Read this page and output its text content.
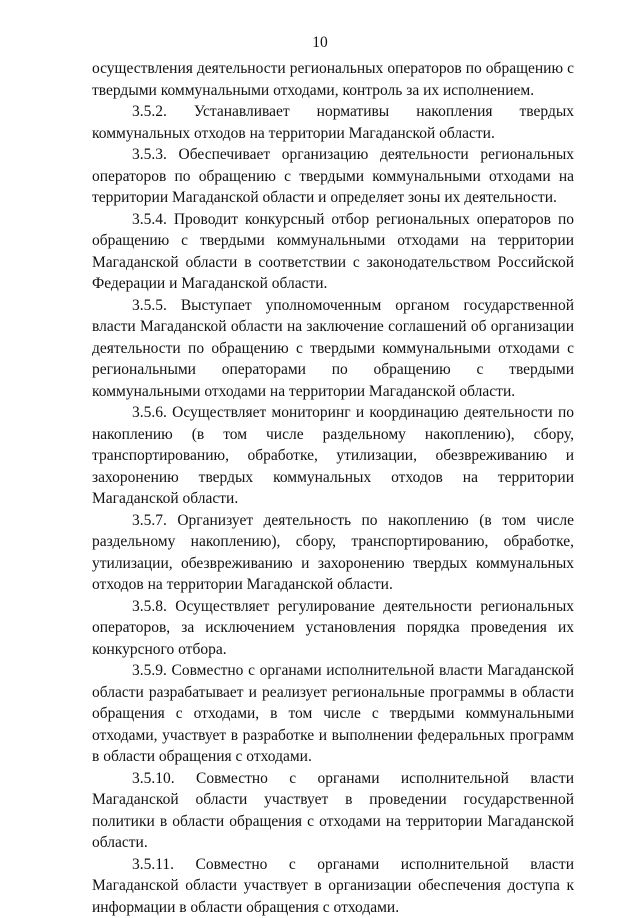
10

осуществления деятельности региональных операторов по обращению с твердыми коммунальными отходами, контроль за их исполнением.

3.5.2. Устанавливает нормативы накопления твердых коммунальных отходов на территории Магаданской области.

3.5.3. Обеспечивает организацию деятельности региональных операторов по обращению с твердыми коммунальными отходами на территории Магаданской области и определяет зоны их деятельности.

3.5.4. Проводит конкурсный отбор региональных операторов по обращению с твердыми коммунальными отходами на территории Магаданской области в соответствии с законодательством Российской Федерации и Магаданской области.

3.5.5. Выступает уполномоченным органом государственной власти Магаданской области на заключение соглашений об организации деятельности по обращению с твердыми коммунальными отходами с региональными операторами по обращению с твердыми коммунальными отходами на территории Магаданской области.

3.5.6. Осуществляет мониторинг и координацию деятельности по накоплению (в том числе раздельному накоплению), сбору, транспортированию, обработке, утилизации, обезвреживанию и захоронению твердых коммунальных отходов на территории Магаданской области.

3.5.7. Организует деятельность по накоплению (в том числе раздельному накоплению), сбору, транспортированию, обработке, утилизации, обезвреживанию и захоронению твердых коммунальных отходов на территории Магаданской области.

3.5.8. Осуществляет регулирование деятельности региональных операторов, за исключением установления порядка проведения их конкурсного отбора.

3.5.9. Совместно с органами исполнительной власти Магаданской области разрабатывает и реализует региональные программы в области обращения с отходами, в том числе с твердыми коммунальными отходами, участвует в разработке и выполнении федеральных программ в области обращения с отходами.

3.5.10. Совместно с органами исполнительной власти Магаданской области участвует в проведении государственной политики в области обращения с отходами на территории Магаданской области.

3.5.11. Совместно с органами исполнительной власти Магаданской области участвует в организации обеспечения доступа к информации в области обращения с отходами.
